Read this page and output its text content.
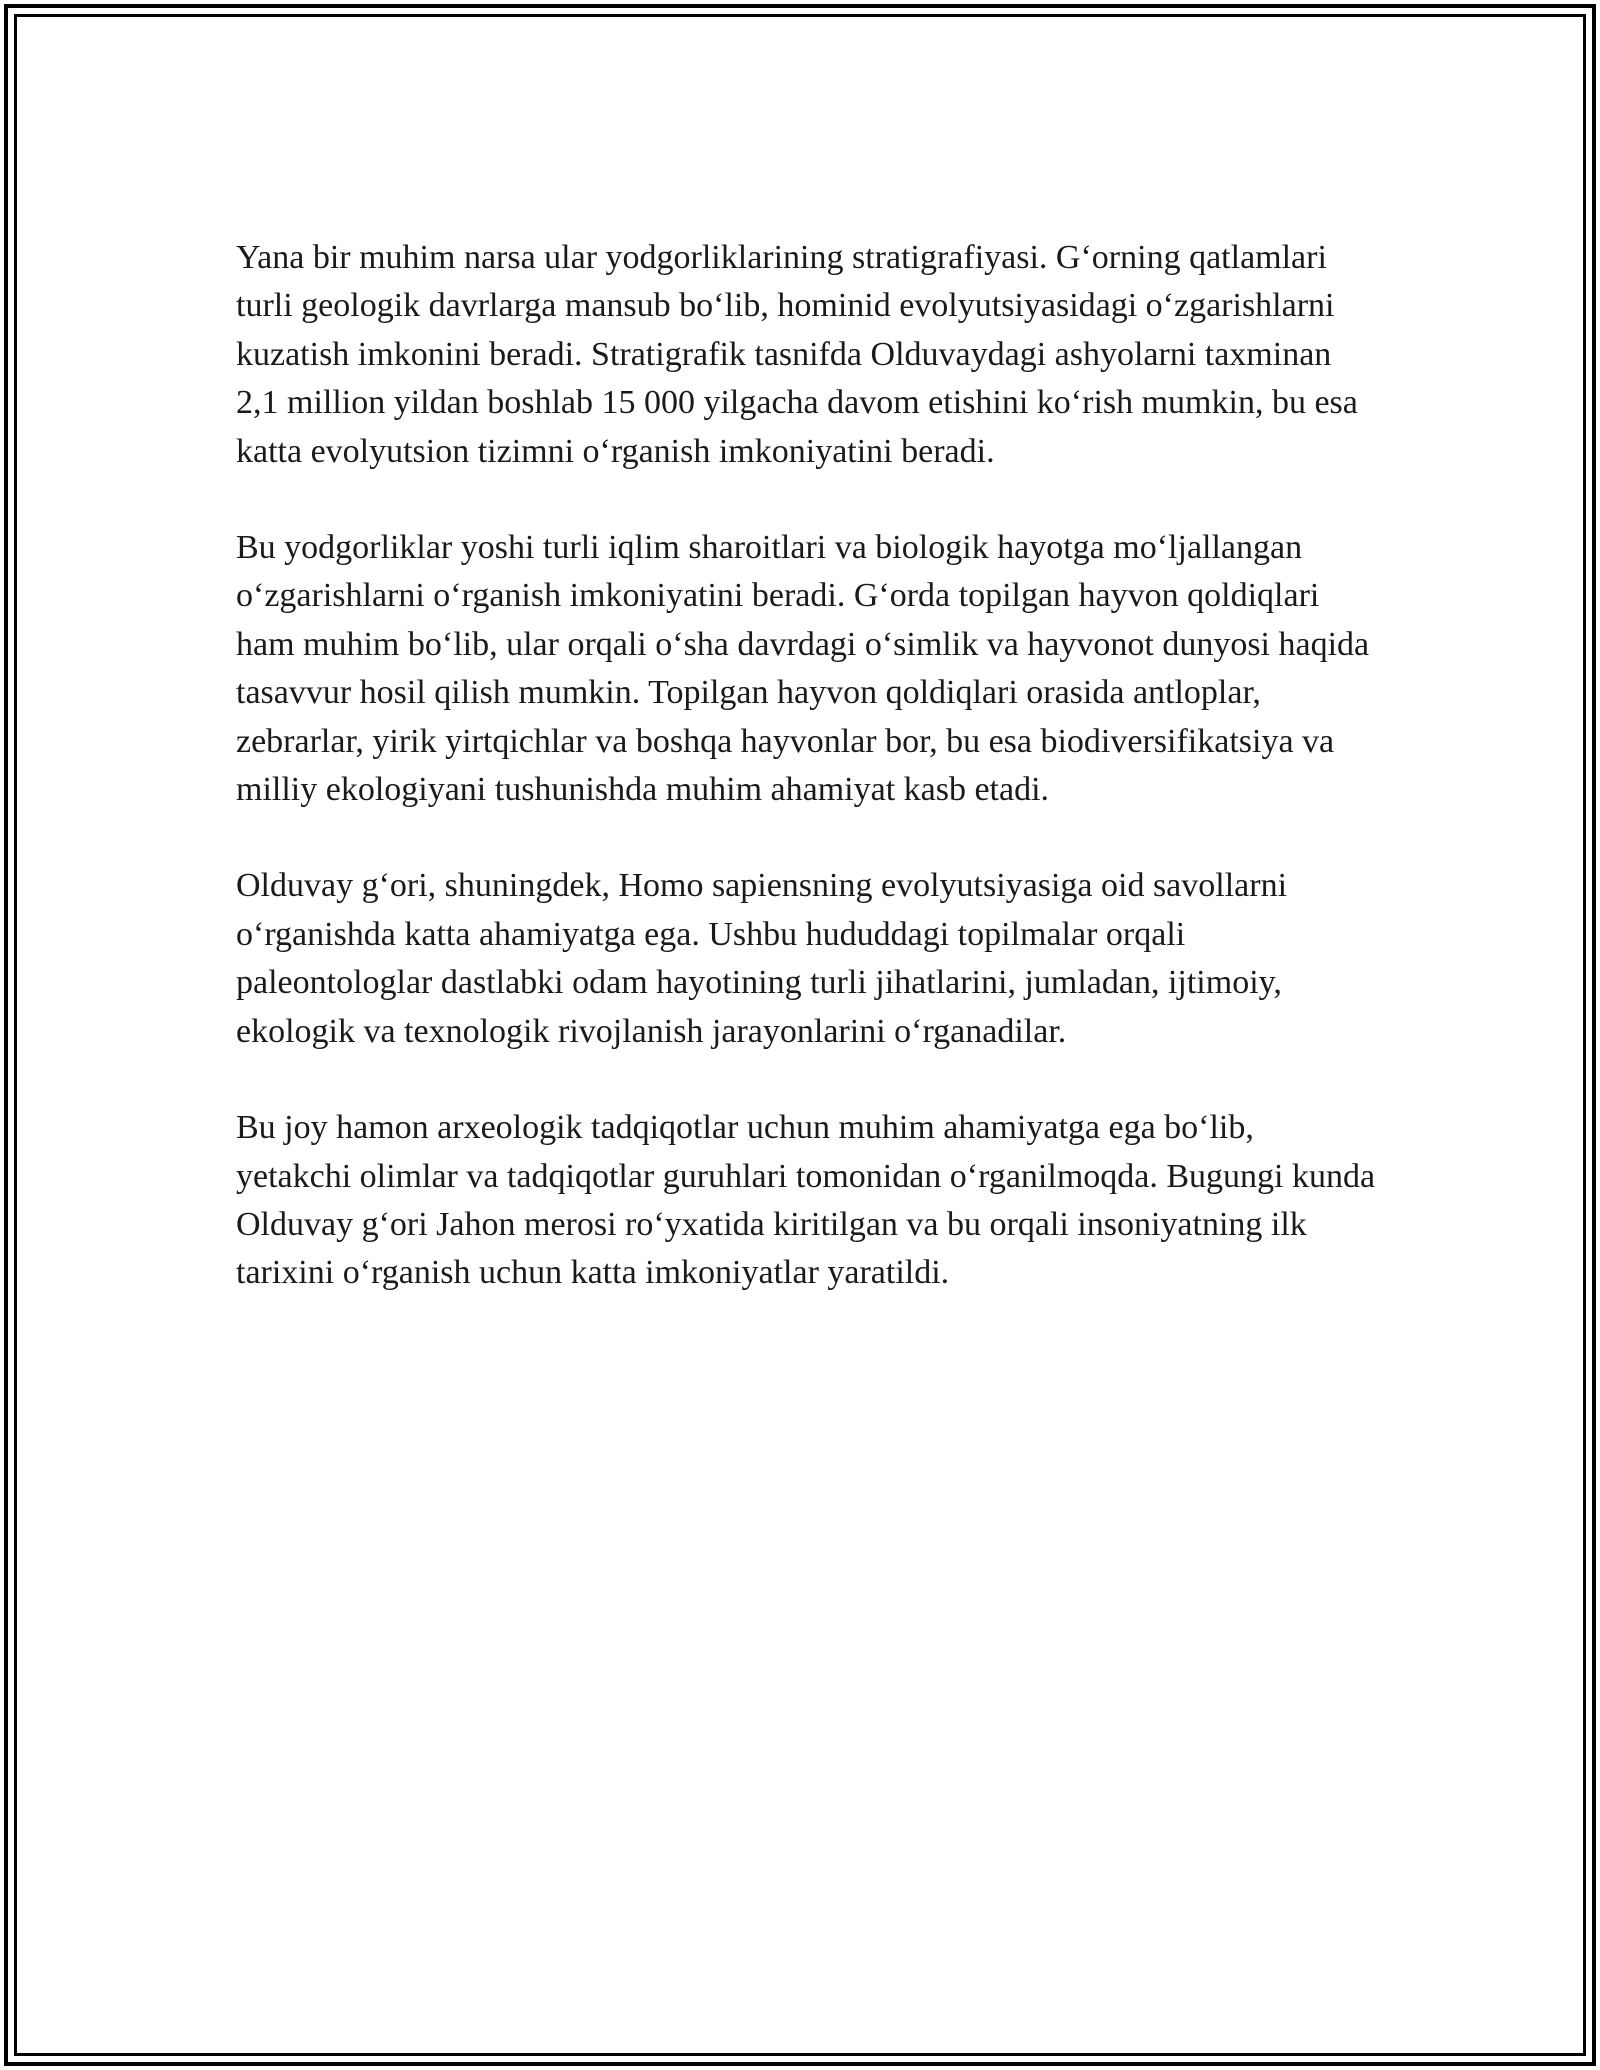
Yana bir muhim narsa ular yodgorliklarining stratigrafiyasi. G‘orning qatlamlari turli geologik davrlarga mansub bo‘lib, hominid evolyutsiyasidagi o‘zgarishlarni kuzatish imkonini beradi. Stratigrafik tasnifda Olduvaydagi ashyolarni taxminan 2,1 million yildan boshlab 15 000 yilgacha davom etishini ko‘rish mumkin, bu esa katta evolyutsion tizimni o‘rganish imkoniyatini beradi.

Bu yodgorliklar yoshi turli iqlim sharoitlari va biologik hayotga mo‘ljallangan o‘zgarishlarni o‘rganish imkoniyatini beradi. G‘orda topilgan hayvon qoldiqlari ham muhim bo‘lib, ular orqali o‘sha davrdagi o‘simlik va hayvonot dunyosi haqida tasavvur hosil qilish mumkin. Topilgan hayvon qoldiqlari orasida antloplar, zebrarlar, yirik yirtqichlar va boshqa hayvonlar bor, bu esa biodiversifikatsiya va milliy ekologiyani tushunishda muhim ahamiyat kasb etadi.

Olduvay g‘ori, shuningdek, Homo sapiensning evolyutsiyasiga oid savollarni o‘rganishda katta ahamiyatga ega. Ushbu hududdagi topilmalar orqali paleontologlar dastlabki odam hayotining turli jihatlarini, jumladan, ijtimoiy, ekologik va texnologik rivojlanish jarayonlarini o‘rganadilar.

Bu joy hamon arxeologik tadqiqotlar uchun muhim ahamiyatga ega bo‘lib, yetakchi olimlar va tadqiqotlar guruhlari tomonidan o‘rganilmoqda. Bugungi kunda Olduvay g‘ori Jahon merosi ro‘yxatida kiritilgan va bu orqali insoniyatning ilk tarixini o‘rganish uchun katta imkoniyatlar yaratildi.
